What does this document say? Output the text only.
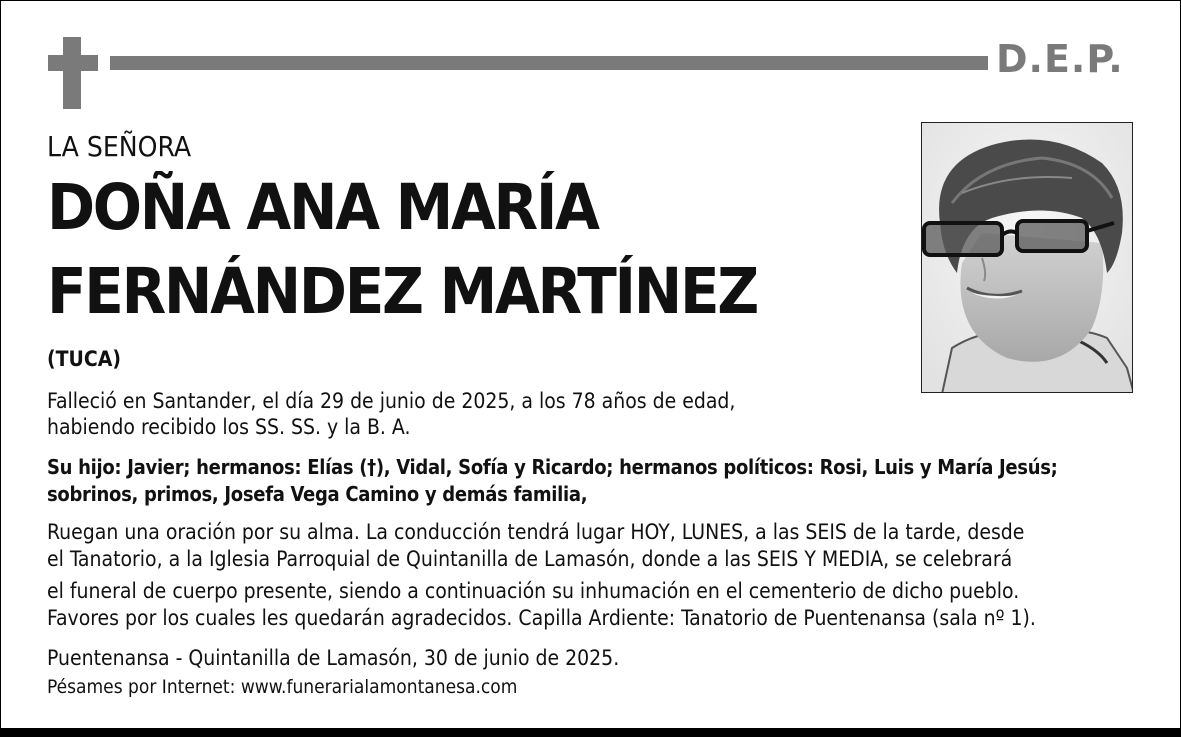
D.E.P.
LA SEÑORA
DOÑA ANA MARÍA
FERNÁNDEZ MARTÍNEZ
(TUCA)
Falleció en Santander, el día 29 de junio de 2025, a los 78 años de edad,
habiendo recibido los SS. SS. y la B. A.
Su hijo: Javier; hermanos: Elías (†), Vidal, Sofía y Ricardo; hermanos políticos: Rosi, Luis y María Jesús;
sobrinos, primos, Josefa Vega Camino y demás familia,
Ruegan una oración por su alma. La conducción tendrá lugar HOY, LUNES, a las SEIS de la tarde, desde
el Tanatorio, a la Iglesia Parroquial de Quintanilla de Lamasón, donde a las SEIS Y MEDIA, se celebrará
el funeral de cuerpo presente, siendo a continuación su inhumación en el cementerio de dicho pueblo.
Favores por los cuales les quedarán agradecidos. Capilla Ardiente: Tanatorio de Puentenansa (sala nº 1).
Puentenansa - Quintanilla de Lamasón, 30 de junio de 2025.
Pésames por Internet: www.funerarialamontanesa.com
